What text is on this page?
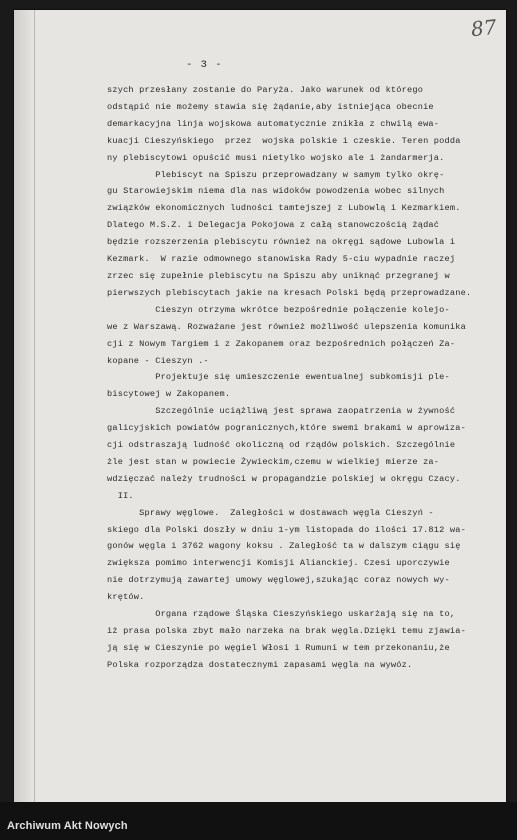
87
- 3 -
szych przesłany zostanie do Paryża. Jako warunek od którego
odstąpić nie możemy stawia się żądanie,aby istniejąca obecnie
demarkacyjna linja wojskowa automatycznie znikła z chwilą ewa-
kuacji Cieszyńskiego  przez  wojska polskie i czeskie. Teren podda
ny plebiscytowi opuścić musi nietylko wojsko ale i żandarmerja.
Plebiscyt na Spiszu przeprowadzany w samym tylko okrę-
gu Starowiejskim niema dla nas widoków powodzenia wobec silnych
związków ekonomicznych ludności tamtejszej z Lubowlą i Kezmarkiem.
Dlatego M.S.Z. i Delegacja Pokojowa z całą stanowczością żądać
będzie rozszerzenia plebiscytu również na okręgi sądowe Lubowla i
Kezmark.  W razie odmownego stanowiska Rady 5-ciu wypadnie raczej
zrzec się zupełnie plebiscytu na Spiszu aby uniknąć przegranej w
pierwszych plebiscytach jakie na kresach Polski będą przeprowadzane.
Cieszyn otrzyma wkrótce bezpośrednie połączenie kolejo-
we z Warszawą. Rozważane jest również możliwość ulepszenia komunika
cji z Nowym Targiem i z Zakopanem oraz bezpośrednich połączeń Za-
kopane - Cieszyn .-
Projektuje się umieszczenie ewentualnej subkomisji ple-
biscytowej w Zakopanem.
Szczególnie uciążliwą jest sprawa zaopatrzenia w żywność
galicyjskich powiatów pogranicznych,które swemi brakami w aprowiza-
cji odstraszają ludność okoliczną od rządów polskich. Szczególnie
żle jest stan w powiecie Żywieckim,czemu w wielkiej mierze za-
wdzięczać należy trudności w propagandzie polskiej w okręgu Czacy.
II.
Sprawy węglowe.  Zaległości w dostawach węgla Cieszyń -
skiego dla Polski doszły w dniu 1-ym listopada do ilości 17.812 wa-
gonów węgla i 3762 wagony koksu . Zaległość ta w dalszym ciągu się
zwiększa pomimo interwencji Komisji Alianckiej. Czesi uporczywie
nie dotrzymują zawartej umowy węglowej,szukając coraz nowych wy-
krętów.
Organa rządowe Śląska Cieszyńskiego uskarżają się na to,
iż prasa polska zbyt mało narzeka na brak węgla.Dzięki temu zjawia-
ją się w Cieszynie po węgiel Włosi i Rumuni w tem przekonaniu,że
Polska rozporządza dostatecznymi zapasami węgla na wywóz.
Archiwum Akt Nowych
